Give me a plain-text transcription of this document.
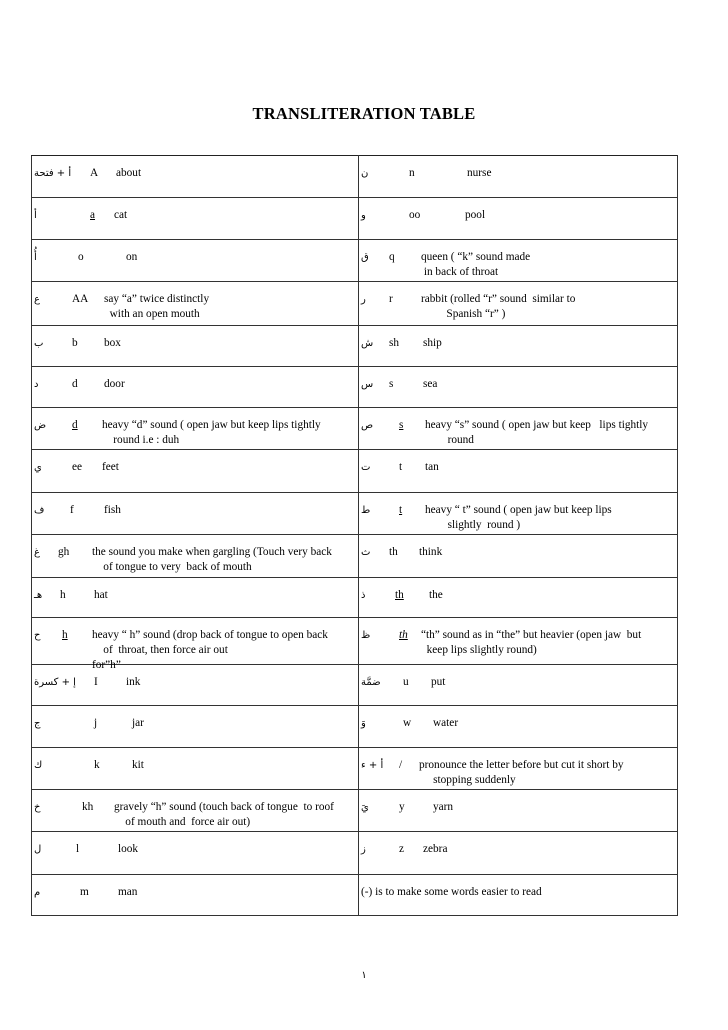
TRANSLITERATION TABLE
أ + فتحة A about	ن n nurse

أ a cat	و oo pool

أُ o on	ق q queen ( “k” sound made
in back of throat

ع AA say “a” twice distinctly
with an open mouth	ر r rabbit (rolled “r” sound  similar to
Spanish “r” )

ب b box	ش sh ship

د d door	س s sea

ض d heavy “d” sound ( open jaw but keep lips tightly
round i.e : duh	ص s heavy “s” sound ( open jaw but keep   lips tightly
round

ي ee feet	ت t tan

ف f fish	ط t heavy “ t” sound ( open jaw but keep lips
slightly  round )

غ gh the sound you make when gargling (Touch very back
of tongue to very  back of mouth	ث th think

هـ h hat	ذ th the

ح h heavy “ h” sound (drop back of tongue to open back
of  throat, then force air out
for”h”	ظ th “th” sound as in “the” but heavier (open jaw  but
keep lips slightly round)

إ + كسرة I ink	ضمَّة u put

ج j jar	وَ w water

ك k kit	أ + ء / pronounce the letter before but cut it short by
stopping suddenly

خ kh gravely “h” sound (touch back of tongue  to roof
of mouth and  force air out)	يَ y yarn

ل l look	ز z zebra

م m man	(-) is to make some words easier to read
١
